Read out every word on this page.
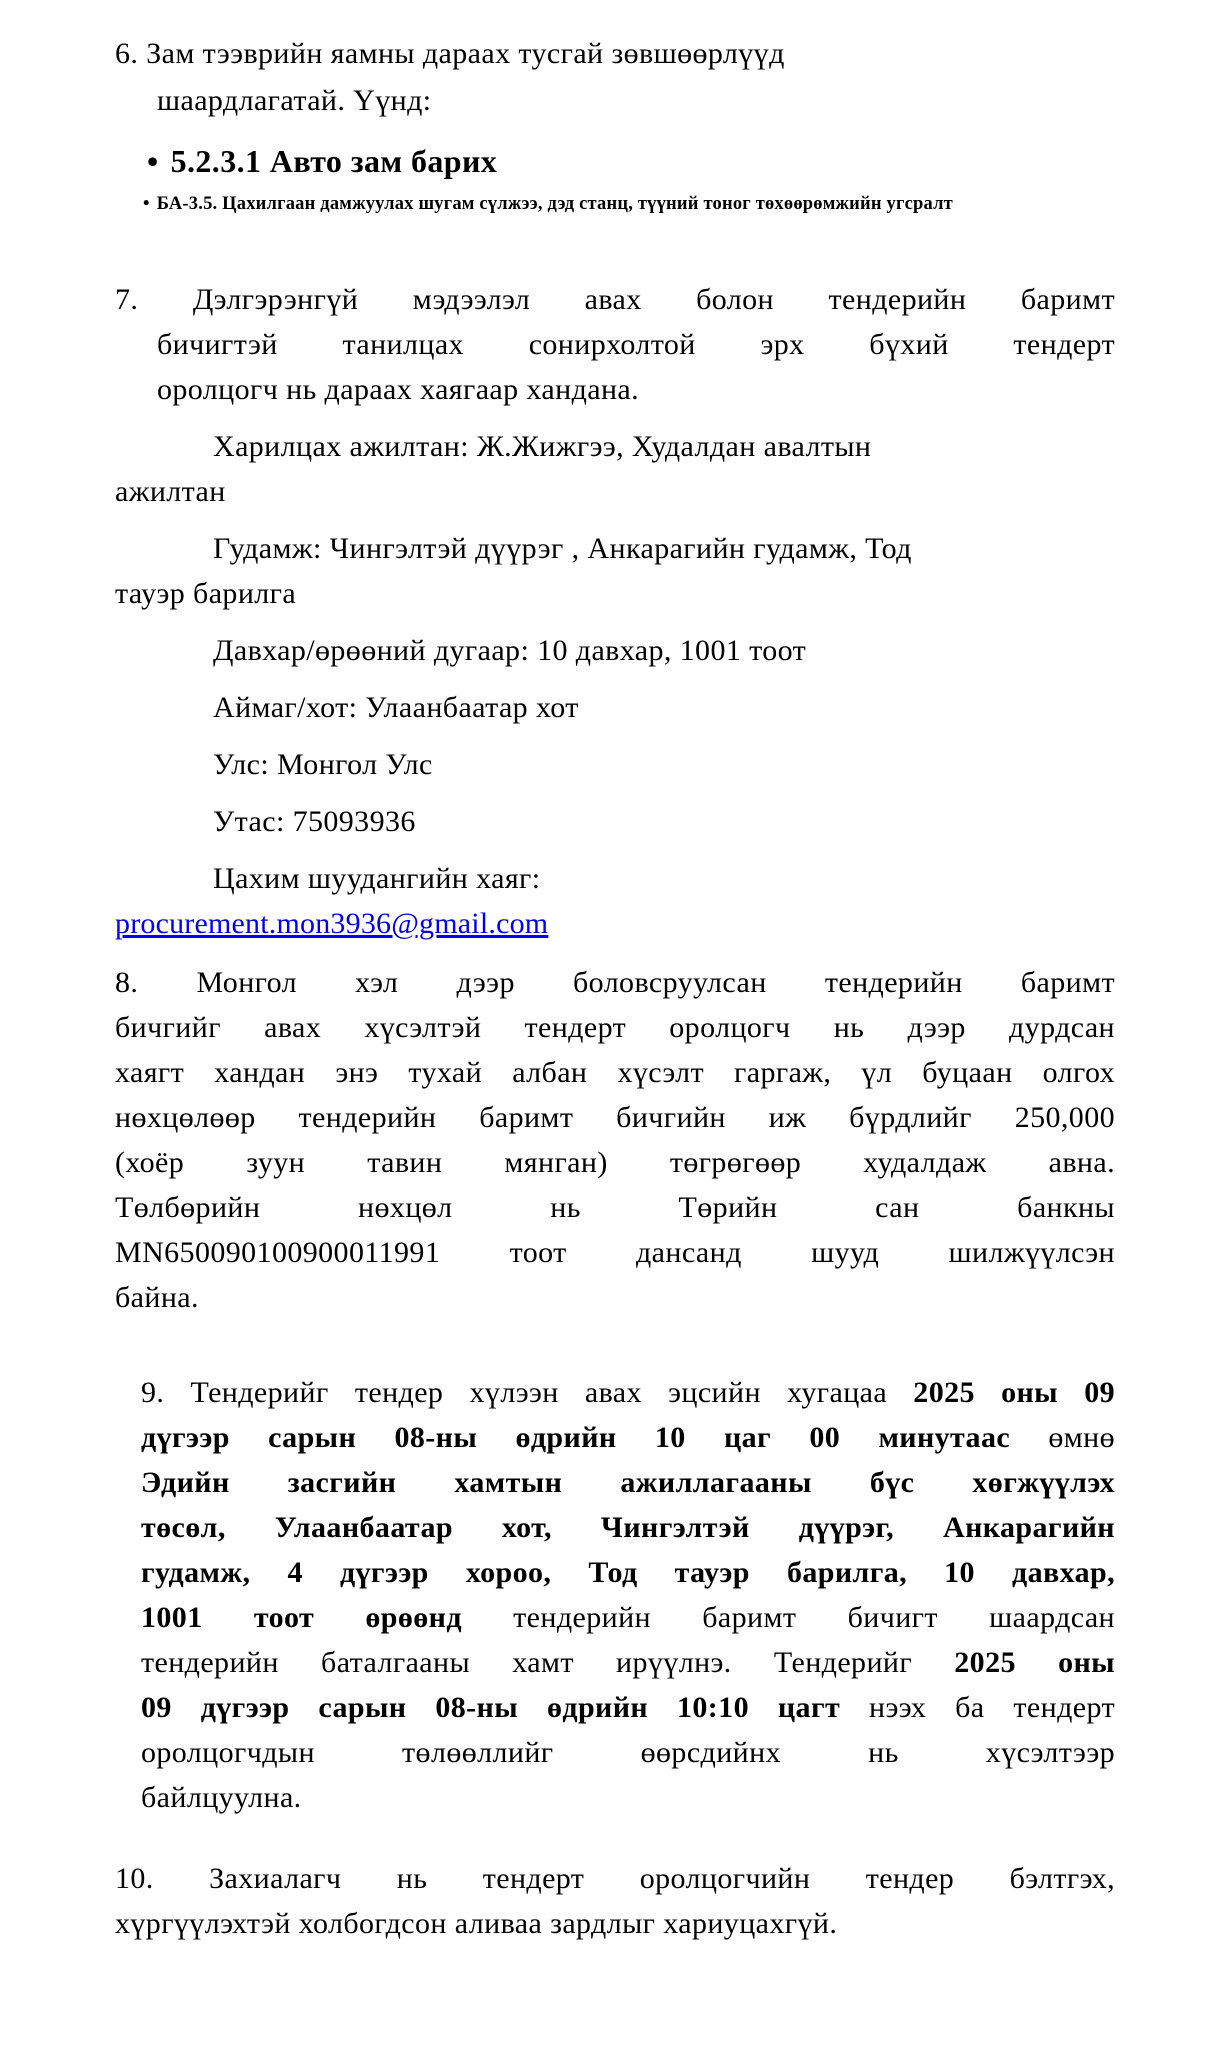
6. Зам тээврийн яамны дараах тусгай зөвшөөрлүүд
шаардлагатай. Үүнд:
• 5.2.3.1 Авто зам барих
• БА-3.5. Цахилгаан дамжуулах шугам сүлжээ, дэд станц, түүний тоног төхөөрөмжийн угсралт
7. Дэлгэрэнгүй мэдээлэл авах болон тендерийн баримт
бичигтэй танилцах сонирхолтой эрх бүхий тендерт
оролцогч нь дараах хаягаар хандана.
Харилцах ажилтан: Ж.Жижгээ, Худалдан авалтын
ажилтан
Гудамж: Чингэлтэй дүүрэг , Анкарагийн гудамж, Тод
тауэр барилга
Давхар/өрөөний дугаар: 10 давхар, 1001 тоот
Аймаг/хот: Улаанбаатар хот
Улс: Монгол Улс
Утас: 75093936
Цахим шуудангийн хаяг:
procurement.mon3936@gmail.com
8. Монгол хэл дээр боловсруулсан тендерийн баримт
бичгийг авах хүсэлтэй тендерт оролцогч нь дээр дурдсан
хаягт хандан энэ тухай албан хүсэлт гаргаж, үл буцаан олгох
нөхцөлөөр тендерийн баримт бичгийн иж бүрдлийг 250,000
(хоёр зуун тавин мянган) төгрөгөөр худалдаж авна.
Төлбөрийн нөхцөл нь Төрийн сан банкны
MN650090100900011991 тоот дансанд шууд шилжүүлсэн
байна.
9. Тендерийг тендер хүлээн авах эцсийн хугацаа 2025 оны 09
дүгээр сарын 08-ны өдрийн 10 цаг 00 минутаас өмнө
Эдийн засгийн хамтын ажиллагааны бүс хөгжүүлэх
төсөл, Улаанбаатар хот, Чингэлтэй дүүрэг, Анкарагийн
гудамж, 4 дүгээр хороо, Тод тауэр барилга, 10 давхар,
1001 тоот өрөөнд тендерийн баримт бичигт шаардсан
тендерийн баталгааны хамт ирүүлнэ. Тендерийг 2025 оны
09 дүгээр сарын 08-ны өдрийн 10:10 цагт нээх ба тендерт
оролцогчдын төлөөллийг өөрсдийнх нь хүсэлтээр
байлцуулна.
10. Захиалагч нь тендерт оролцогчийн тендер бэлтгэх,
хүргүүлэхтэй холбогдсон аливаа зардлыг хариуцахгүй.
